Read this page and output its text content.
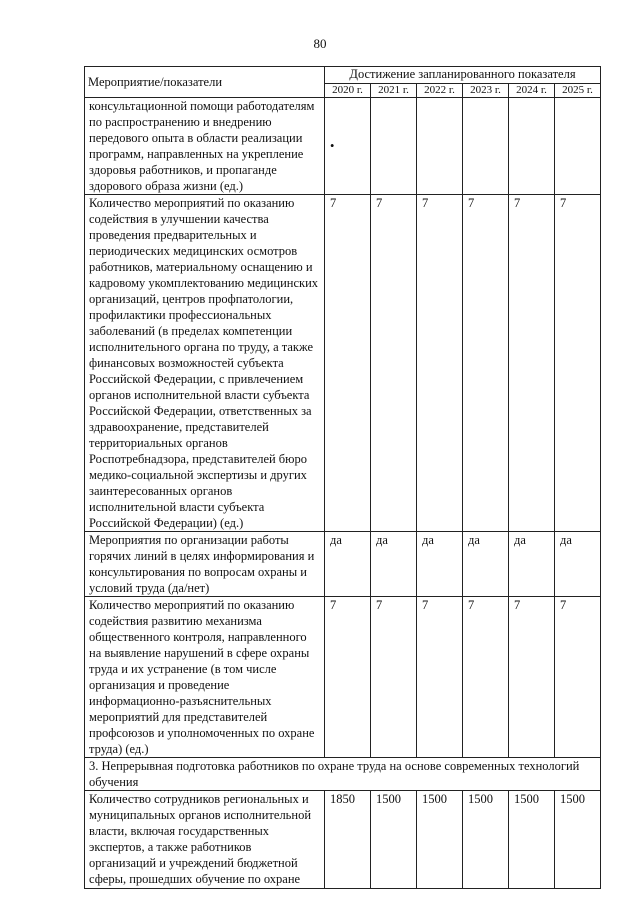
80
Мероприятие/показатели	Достижение запланированного показателя					
	2020 г.	2021 г.	2022 г.	2023 г.	2024 г.	2025 г.
консультационной помощи работодателям по распространению и внедрению передового опыта в области реализации программ, направленных на укрепление здоровья работников, и пропаганде здорового образа жизни (ед.)	•					
Количество мероприятий по оказанию содействия в улучшении качества проведения предварительных и периодических медицинских осмотров работников, материальному оснащению и кадровому укомплектованию медицинских организаций, центров профпатологии, профилактики профессиональных заболеваний (в пределах компетенции исполнительного органа по труду, а также финансовых возможностей субъекта Российской Федерации, с привлечением органов исполнительной власти субъекта Российской Федерации, ответственных за здравоохранение, представителей территориальных органов Роспотребнадзора, представителей бюро медико-социальной экспертизы и других заинтересованных органов исполнительной власти субъекта Российской Федерации) (ед.)	7	7	7	7	7	7
Мероприятия по организации работы горячих линий в целях информирования и консультирования по вопросам охраны и условий труда (да/нет)	да	да	да	да	да	да
Количество мероприятий по оказанию содействия развитию механизма общественного контроля, направленного на выявление нарушений в сфере охраны труда и их устранение (в том числе организация и проведение информационно-разъяснительных мероприятий для представителей профсоюзов и уполномоченных по охране труда) (ед.)	7	7	7	7	7	7
3. Непрерывная подготовка работников по охране труда на основе современных технологий обучения						
Количество сотрудников региональных и муниципальных органов исполнительной власти, включая государственных экспертов, а также работников организаций и учреждений бюджетной сферы, прошедших обучение по охране	1850	1500	1500	1500	1500	1500
